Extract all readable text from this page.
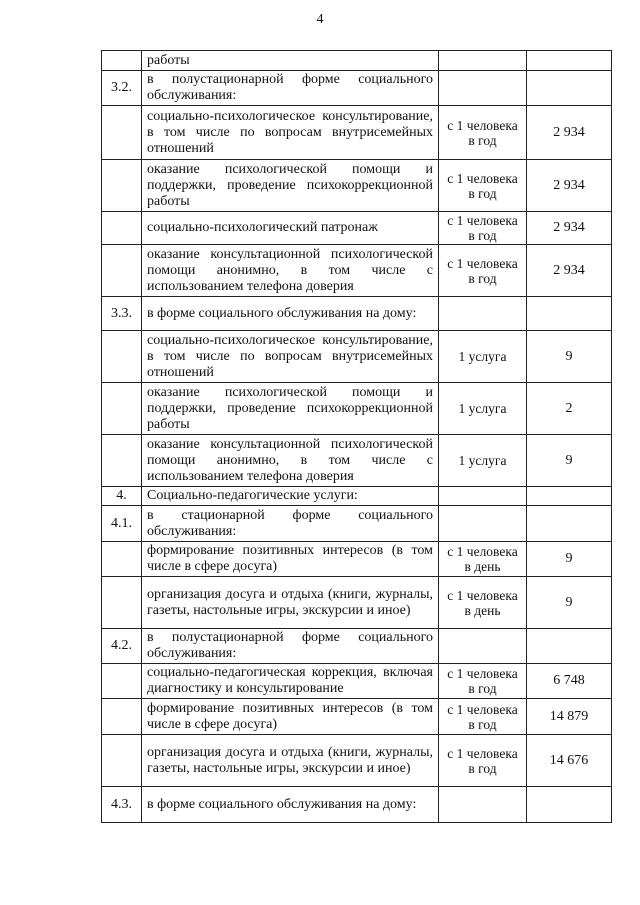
4
	работы		
3.2.	в полустационарной форме социального обслуживания:		
	социально-психологическое консультирование, в том числе по вопросам внутрисемейных отношений	с 1 человека в год	2 934
	оказание психологической помощи и поддержки, проведение психокоррекционной работы	с 1 человека в год	2 934
	социально-психологический патронаж	с 1 человека в год	2 934
	оказание консультационной психологической помощи анонимно, в том числе с использованием телефона доверия	с 1 человека в год	2 934
3.3.	в форме социального обслуживания на дому:		
	социально-психологическое консультирование, в том числе по вопросам внутрисемейных отношений	1 услуга	9
	оказание психологической помощи и поддержки, проведение психокоррекционной работы	1 услуга	2
	оказание консультационной психологической помощи анонимно, в том числе с использованием телефона доверия	1 услуга	9
4.	Социально-педагогические услуги:		
4.1.	в стационарной форме социального обслуживания:		
	формирование позитивных интересов (в том числе в сфере досуга)	с 1 человека в день	9
	организация досуга и отдыха (книги, журналы, газеты, настольные игры, экскурсии и иное)	с 1 человека в день	9
4.2.	в полустационарной форме социального обслуживания:		
	социально-педагогическая коррекция, включая диагностику и консультирование	с 1 человека в год	6 748
	формирование позитивных интересов (в том числе в сфере досуга)	с 1 человека в год	14 879
	организация досуга и отдыха (книги, журналы, газеты, настольные игры, экскурсии и иное)	с 1 человека в год	14 676
4.3.	в форме социального обслуживания на дому:		
